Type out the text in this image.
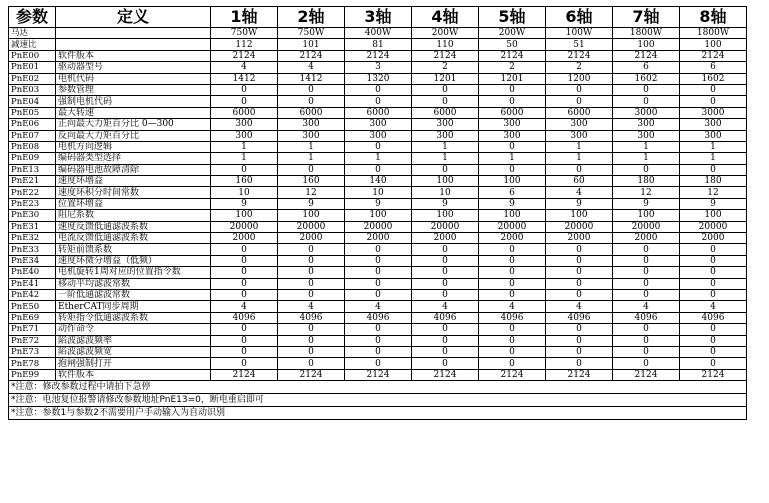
参数	定义	1轴	2轴	3轴	4轴	5轴	6轴	7轴	8轴
马达		750W	750W	400W	200W	200W	100W	1800W	1800W
减速比		112	101	81	110	50	51	100	100
PnE00	软件版本	2124	2124	2124	2124	2124	2124	2124	2124
PnE01	驱动器型号	4	4	3	2	2	2	6	6
PnE02	电机代码	1412	1412	1320	1201	1201	1200	1602	1602
PnE03	参数管理	0	0	0	0	0	0	0	0
PnE04	强制电机代码	0	0	0	0	0	0	0	0
PnE05	最大转速	6000	6000	6000	6000	6000	6000	3000	3000
PnE06	正向最大力矩百分比 0—300	300	300	300	300	300	300	300	300
PnE07	反向最大力矩百分比	300	300	300	300	300	300	300	300
PnE08	电机方向逻辑	1	1	0	1	0	1	1	1
PnE09	编码器类型选择	1	1	1	1	1	1	1	1
PnE13	编码器电池故障清除	0	0	0	0	0	0	0	0
PnE21	速度环增益	160	160	140	100	100	60	180	180
PnE22	速度环积分时间常数	10	12	10	10	6	4	12	12
PnE23	位置环增益	9	9	9	9	9	9	9	9
PnE30	阻尼系数	100	100	100	100	100	100	100	100
PnE31	速度反馈低通滤波系数	20000	20000	20000	20000	20000	20000	20000	20000
PnE32	电流反馈低通滤波系数	2000	2000	2000	2000	2000	2000	2000	2000
PnE33	转矩前馈系数	0	0	0	0	0	0	0	0
PnE34	速度环微分增益（低频）	0	0	0	0	0	0	0	0
PnE40	电机旋转1周对应的位置指令数	0	0	0	0	0	0	0	0
PnE41	移动平均滤波常数	0	0	0	0	0	0	0	0
PnE42	一阶低通滤波常数	0	0	0	0	0	0	0	0
PnE50	EtherCAT同步周期	4	4	4	4	4	4	4	4
PnE69	转矩指令低通滤波系数	4096	4096	4096	4096	4096	4096	4096	4096
PnE71	动作命令	0	0	0	0	0	0	0	0
PnE72	陷波滤波频率	0	0	0	0	0	0	0	0
PnE73	陷波滤波频宽	0	0	0	0	0	0	0	0
PnE78	抱闸强制打开	0	0	0	0	0	0	0	0
PnE99	软件版本	2124	2124	2124	2124	2124	2124	2124	2124
*注意：修改参数过程中请拍下急停									
*注意：电池复位报警请修改参数地址PnE13=0，断电重启即可									
*注意：参数1与参数2不需要用户手动输入为自动识别									
